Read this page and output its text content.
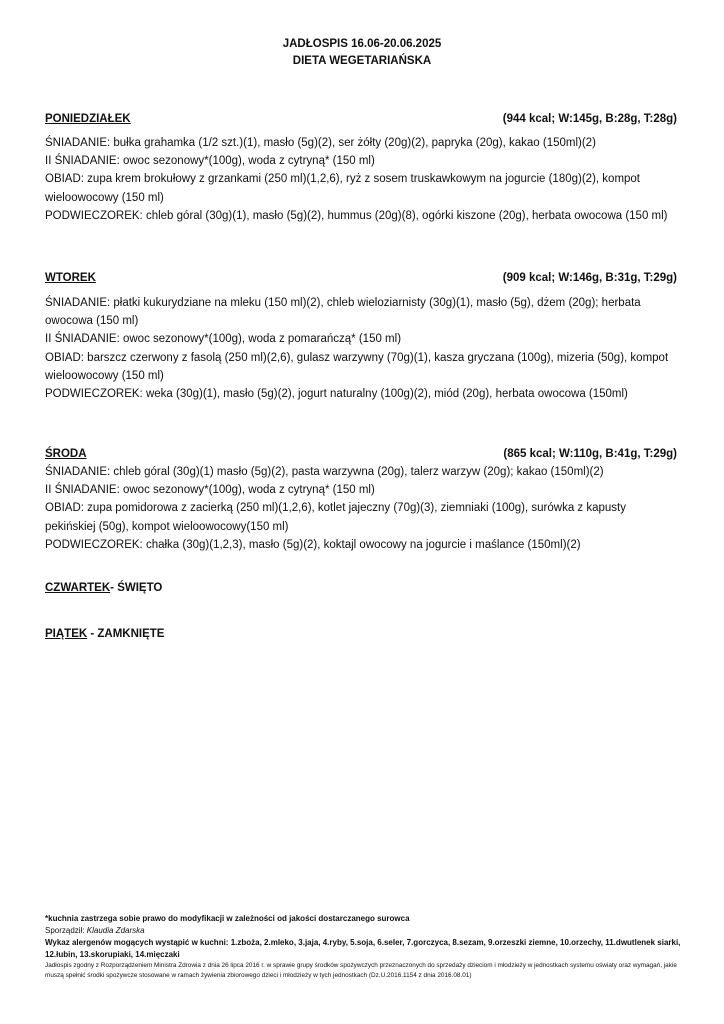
JADŁOSPIS 16.06-20.06.2025
DIETA WEGETARIAŃSKA
PONIEDZIAŁEK	(944 kcal; W:145g, B:28g, T:28g)

ŚNIADANIE: bułka grahamka (1/2 szt.)(1), masło (5g)(2), ser żółty (20g)(2), papryka (20g), kakao (150ml)(2)

II ŚNIADANIE: owoc sezonowy*(100g), woda z cytryną* (150 ml)

OBIAD: zupa krem brokułowy z grzankami (250 ml)(1,2,6), ryż z sosem truskawkowym na jogurcie (180g)(2), kompot wieloowocowy (150 ml)

PODWIECZOREK: chleb góral (30g)(1), masło (5g)(2), hummus (20g)(8), ogórki kiszone (20g), herbata owocowa (150 ml)

WTOREK	(909 kcal; W:146g, B:31g, T:29g)

ŚNIADANIE: płatki kukurydziane na mleku (150 ml)(2), chleb wieloziarnisty (30g)(1), masło (5g), dżem (20g); herbata owocowa (150 ml)

II ŚNIADANIE: owoc sezonowy*(100g), woda z pomarańczą* (150 ml)

OBIAD: barszcz czerwony z fasolą (250 ml)(2,6), gulasz warzywny (70g)(1), kasza gryczana (100g), mizeria (50g), kompot wieloowocowy (150 ml)

PODWIECZOREK: weka (30g)(1), masło (5g)(2), jogurt naturalny (100g)(2), miód (20g), herbata owocowa (150ml)

ŚRODA	(865 kcal; W:110g, B:41g, T:29g)

ŚNIADANIE: chleb góral (30g)(1) masło (5g)(2), pasta warzywna (20g), talerz warzyw (20g); kakao (150ml)(2)

II ŚNIADANIE: owoc sezonowy*(100g), woda z cytryną* (150 ml)

OBIAD: zupa pomidorowa z zacierką (250 ml)(1,2,6), kotlet jajeczny (70g)(3), ziemniaki (100g), surówka z kapusty pekińskiej (50g), kompot wieloowocowy(150 ml)

PODWIECZOREK: chałka (30g)(1,2,3), masło (5g)(2), koktajl owocowy na jogurcie i maślance (150ml)(2)

CZWARTEK- ŚWIĘTO
PIĄTEK - ZAMKNIĘTE
*kuchnia zastrzega sobie prawo do modyfikacji w zależności od jakości dostarczanego surowca
Sporządził: Klaudia Zdarska
Wykaz alergenów mogących wystąpić w kuchni: 1.zboża, 2.mleko, 3.jaja, 4.ryby, 5.soja, 6.seler, 7.gorczyca, 8.sezam, 9.orzeszki ziemne, 10.orzechy, 11.dwutlenek siarki, 12.łubin, 13.skorupiaki, 14.mięczaki
Jadłospis zgodny z Rozporządzeniem Ministra Zdrowia z dnia 26 lipca 2016 r. w sprawie grupy środków spożywczych przeznaczonych do sprzedaży dzieciom i młodzieży w jednostkach systemu oświaty oraz wymagań, jakie muszą spełnić środki spożywcze stosowane w ramach żywienia zbiorowego dzieci i młodzieży w tych jednostkach (Dz.U.2016.1154 z dnia 2016.08.01)
